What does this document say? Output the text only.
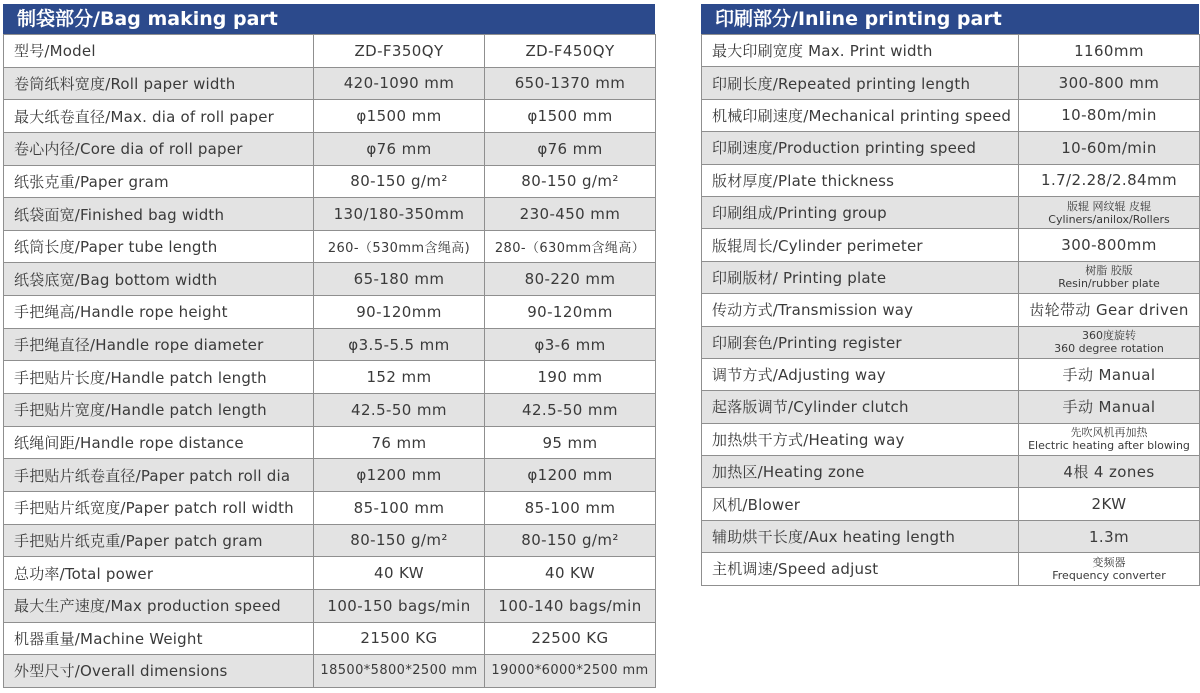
制袋部分/Bag making part
型号/Model	ZD-F350QY	ZD-F450QY
卷筒纸料宽度/Roll paper width	420-1090 mm	650-1370 mm
最大纸卷直径/Max. dia of roll paper	φ1500 mm	φ1500 mm
卷心内径/Core dia of roll paper	φ76 mm	φ76 mm
纸张克重/Paper gram	80-150 g/m²	80-150 g/m²
纸袋面宽/Finished bag width	130/180-350mm	230-450 mm
纸筒长度/Paper tube length	260-（530mm含绳高)	280-（630mm含绳高）
纸袋底宽/Bag bottom width	65-180 mm	80-220 mm
手把绳高/Handle rope height	90-120mm	90-120mm
手把绳直径/Handle rope diameter	φ3.5-5.5 mm	φ3-6 mm
手把贴片长度/Handle patch length	152 mm	190 mm
手把贴片宽度/Handle patch length	42.5-50 mm	42.5-50 mm
纸绳间距/Handle rope distance	76 mm	95 mm
手把贴片纸卷直径/Paper patch roll dia	φ1200 mm	φ1200 mm
手把贴片纸宽度/Paper patch roll width	85-100 mm	85-100 mm
手把贴片纸克重/Paper patch gram	80-150 g/m²	80-150 g/m²
总功率/Total power	40 KW	40 KW
最大生产速度/Max production speed	100-150 bags/min	100-140 bags/min
机器重量/Machine Weight	21500 KG	22500 KG
外型尺寸/Overall dimensions	18500*5800*2500 mm	19000*6000*2500 mm
印刷部分/Inline printing part
最大印刷宽度 Max. Print width	1160mm
印刷长度/Repeated printing length	300-800 mm
机械印刷速度/Mechanical printing speed	10-80m/min
印刷速度/Production printing speed	10-60m/min
版材厚度/Plate thickness	1.7/2.28/2.84mm
印刷组成/Printing group	版辊 网纹辊 皮辊
Cyliners/anilox/Rollers

版辊周长/Cylinder perimeter	300-800mm
印刷版材/ Printing plate	树脂 胶版
Resin/rubber plate

传动方式/Transmission way	齿轮带动 Gear driven
印刷套色/Printing register	360度旋转
360 degree rotation

调节方式/Adjusting way	手动 Manual
起落版调节/Cylinder clutch	手动 Manual
加热烘干方式/Heating way	先吹风机再加热
Electric heating after blowing

加热区/Heating zone	4根 4 zones
风机/Blower	2KW
辅助烘干长度/Aux heating length	1.3m
主机调速/Speed adjust	变频器
Frequency converter
